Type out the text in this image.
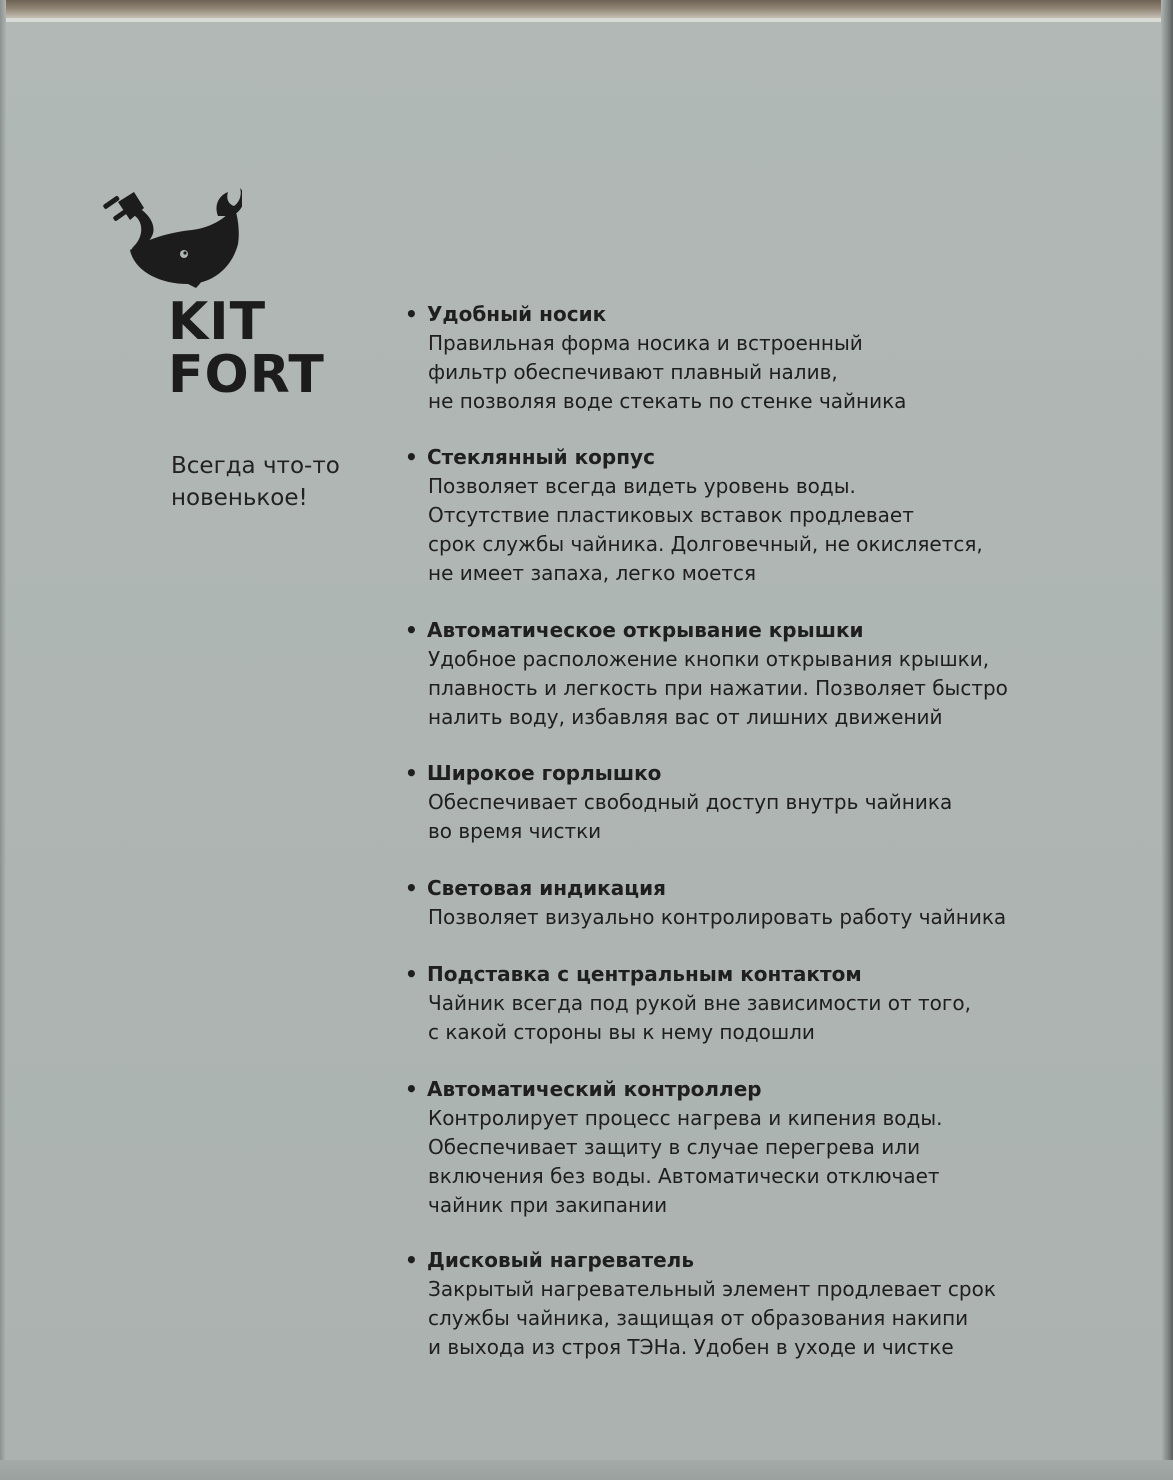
KIT
FORT

Всегда что-то
новенькое!

• Удобный носик
Правильная форма носика и встроенный
фильтр обеспечивают плавный налив,
не позволяя воде стекать по стенке чайника
• Стеклянный корпус
Позволяет всегда видеть уровень воды.
Отсутствие пластиковых вставок продлевает
срок службы чайника. Долговечный, не окисляется,
не имеет запаха, легко моется
• Автоматическое открывание крышки
Удобное расположение кнопки открывания крышки,
плавность и легкость при нажатии. Позволяет быстро
налить воду, избавляя вас от лишних движений
• Широкое горлышко
Обеспечивает свободный доступ внутрь чайника
во время чистки
• Световая индикация
Позволяет визуально контролировать работу чайника
• Подставка с центральным контактом
Чайник всегда под рукой вне зависимости от того,
с какой стороны вы к нему подошли
• Автоматический контроллер
Контролирует процесс нагрева и кипения воды.
Обеспечивает защиту в случае перегрева или
включения без воды. Автоматически отключает
чайник при закипании
• Дисковый нагреватель
Закрытый нагревательный элемент продлевает срок
службы чайника, защищая от образования накипи
и выхода из строя ТЭНа. Удобен в уходе и чистке
